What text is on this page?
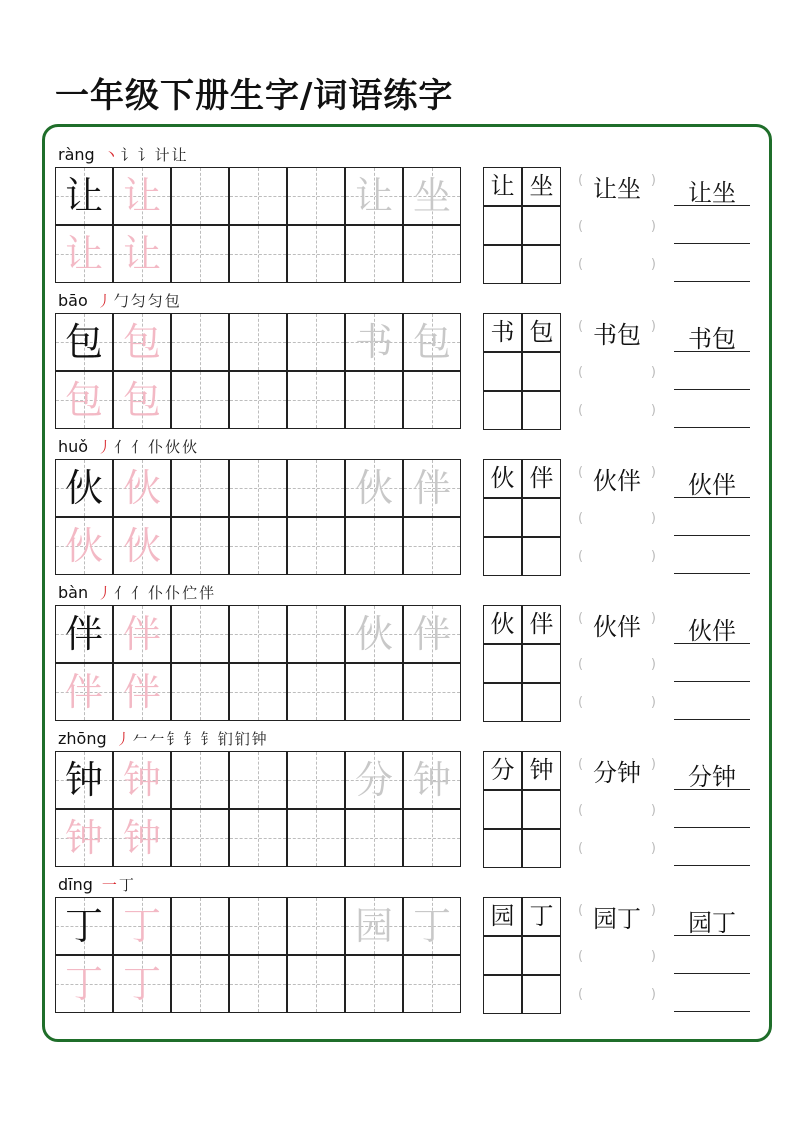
一年级下册生字/词语练字
ràng 丶 讠 讠 计 让
让 让	让 坐
让 让
让 坐	(	)
(	)
(	)
让坐	让坐
bāo 丿 勹 匀 匀 包
包 包	书 包
包 包
书 包	(	)
(	)
(	)
书包	书包
huǒ 丿 亻 亻 仆 伙 伙
伙 伙	伙 伴
伙 伙
伙 伴	(	)
(	)
(	)
伙伴	伙伴
bàn 丿 亻 亻 仆 仆 伫 伴
伴 伴	伙 伴
伴 伴
伙 伴	(	)
(	)
(	)
伙伴	伙伴
zhōng 丿 𠂉 𠂉 钅 钅 钅 钔 钔 钟
钟 钟	分 钟
钟 钟
分 钟	(	)
(	)
(	)
分钟	分钟
dīng 一 丁
丁 丁	园 丁
丁 丁
园 丁	(	)
(	)
(	)
园丁	园丁
